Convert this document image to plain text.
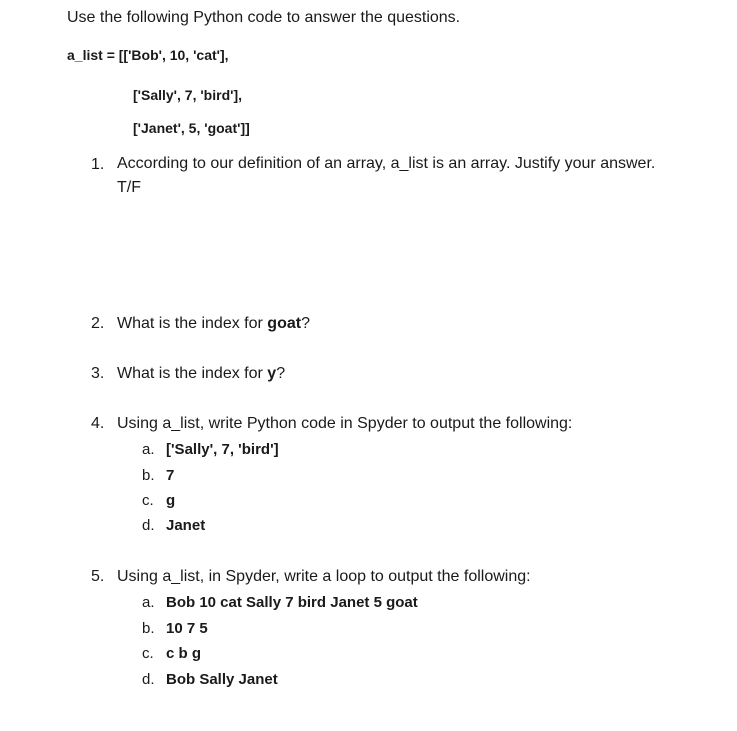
Use the following Python code to answer the questions.
a_list = [['Bob', 10, 'cat'],
['Sally', 7, 'bird'],
['Janet', 5, 'goat']]
1. According to our definition of an array, a_list is an array. Justify your answer. T/F
2. What is the index for goat?
3. What is the index for y?
4. Using a_list, write Python code in Spyder to output the following:
a. ['Sally', 7, 'bird']
b. 7
c. g
d. Janet
5. Using a_list, in Spyder, write a loop to output the following:
a. Bob 10 cat Sally 7 bird Janet 5 goat
b. 10 7 5
c. c b g
d. Bob Sally Janet
